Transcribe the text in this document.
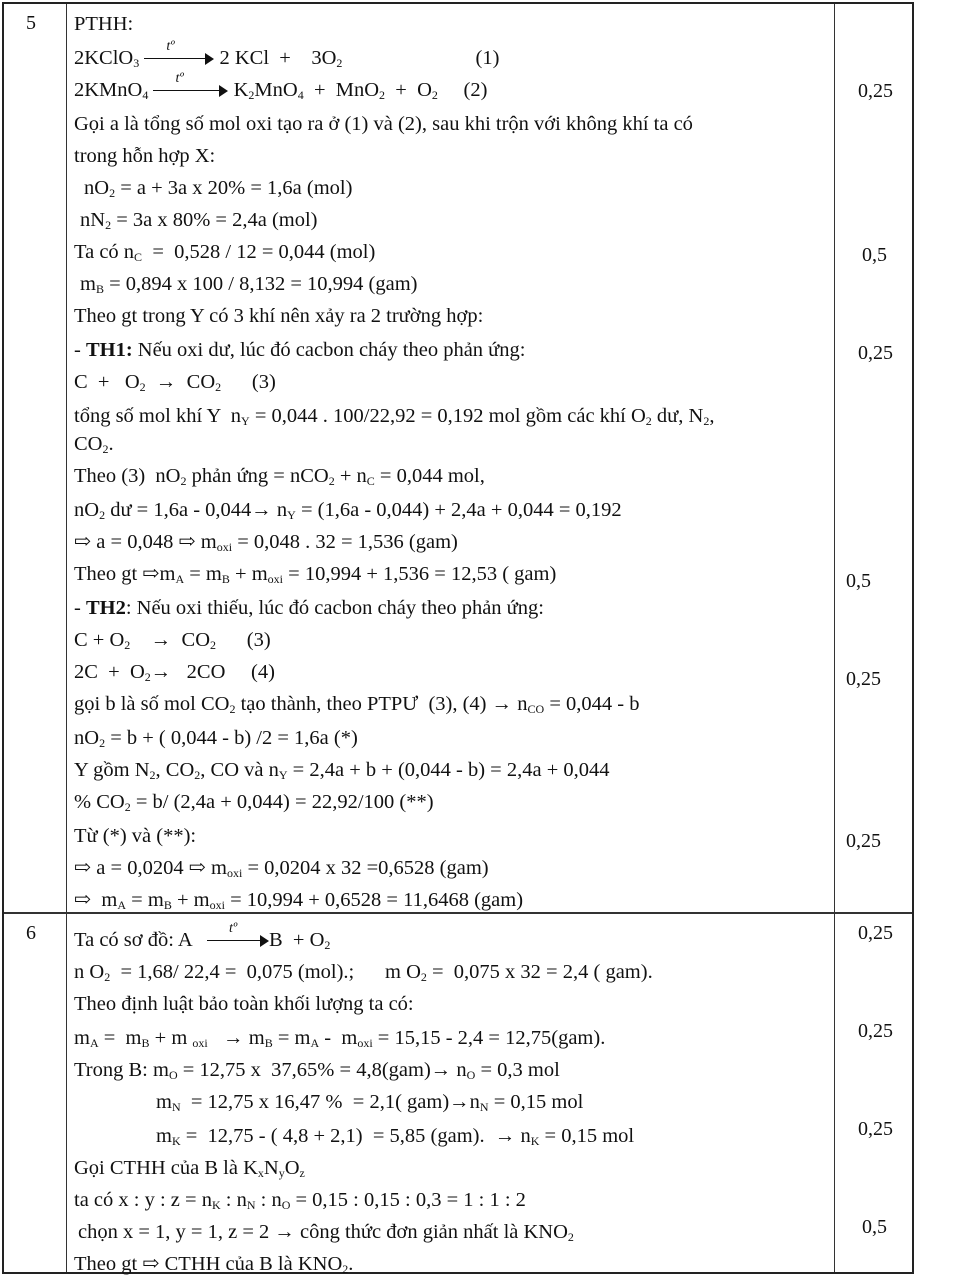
5 PTHH:
2KClO$_3$
tº
2 KCl  +    $3O_2$	(1)
2KMnO$_4$
tº
$K_2MnO_4 + MnO_2 + O_2$     (2)
Gọi a là tổng số mol oxi tạo ra ở (1) và (2), sau khi trộn với không khí ta có
trong hỗn hợp X:
$nO_2 = a + 3a$ x 20% = 1,6a (mol)
$nN_2 = 3a$ x 80% = 2,4a (mol)
Ta có $n_C = 0,528 / 12 = 0,044$ (mol)
$m_B = 0,894$ x 100 / 8,132 = 10,994 (gam)
Theo gt trong Y có 3 khí nên xảy ra 2 trường hợp:
- TH1: Nếu oxi dư, lúc đó cacbon cháy theo phản ứng:
$C + O_2 \to CO_2$      (3)
tổng số mol khí Y  $n_Y = 0,044$ . 100/22,92 = 0,192 mol gồm các khí $O_2$ dư, $N_2$,
$CO_2$.
Theo (3)  $nO_2$ phản ứng = $nCO_2 + n_C = 0,044$ mol,
$nO_2$ dư = $1,6a - 0,044\to n_Y = (1,6a - 0,044) + 2,4a + 0,044 = 0,192$
⇨ a = 0,048 ⇨ $m_{oxi} = 0,048$ . 32 = 1,536 (gam)
Theo gt $⇨m_A = m_B + m_{oxi} = 10,994 + 1,536 = 12,53$ ( gam)
- TH2: Nếu oxi thiếu, lúc đó cacbon cháy theo phản ứng:
$C + O_2$    →  $CO_2$      (3)
$2C + O_2\to 2CO$     (4)
gọi b là số mol $CO_2$ tạo thành, theo PTPƯ  (3), $(4) \to n_{CO} = 0,044 - b$
$nO_2 = b$ + ( 0,044 - b) /2 = 1,6a (*)
Y gồm $N_2$, $CO_2$, CO và $n_Y = 2,4a + b + (0,044 - b) = 2,4a + 0,044$
% $CO_2 = b/$ (2,4a + 0,044) = 22,92/100 (**)
Từ (*) và (**):
⇨ a = 0,0204 ⇨ $m_{oxi} = 0,0204$ x 32 =0,6528 (gam)
⇨  $m_A = m_B + m_{oxi} = 10,994 + 0,6528 = 11,6468$ (gam)
0,25
0,5
0,25
0,5
0,25
0,25
6 Ta có sơ đồ: A
tº
$B + O_2$
n $O_2 = 1,68/$ 22,4 =  0,075 (mol).;      m $O_2 = 0,075$ x 32 = 2,4 ( gam).
Theo định luật bảo toàn khối lượng ta có:
$m_A = m_B + m$ $_{oxi} \to m_B = m_A - m_{oxi} = 15,15 - 2,4 = 12,75(gam)$.
Trong B: $m_O = 12,75$ x  $37,65\% = 4,8(gam)\to n_O = 0,3$ mol
$m_N = 12,75$ x 16,47 %  = 2,1( $gam)\to n_N = 0,15$ mol
$m_K = 12,75$ - ( 4,8 + 2,1)  = 5,85 (gam).  → $n_K = 0,15$ mol
Gọi CTHH của B là $K_xN_yO_z$
ta có x : y : $z = n_K$ : $n_N$ : $n_O = 0,15$ : 0,15 : 0,3 = 1 : 1 : 2
chọn x = 1, y = 1, z = 2 → công thức đơn giản nhất là $KNO_2$
Theo gt ⇨ CTHH của B là $KNO_2$.
0,25
0,25
0,25
0,5
